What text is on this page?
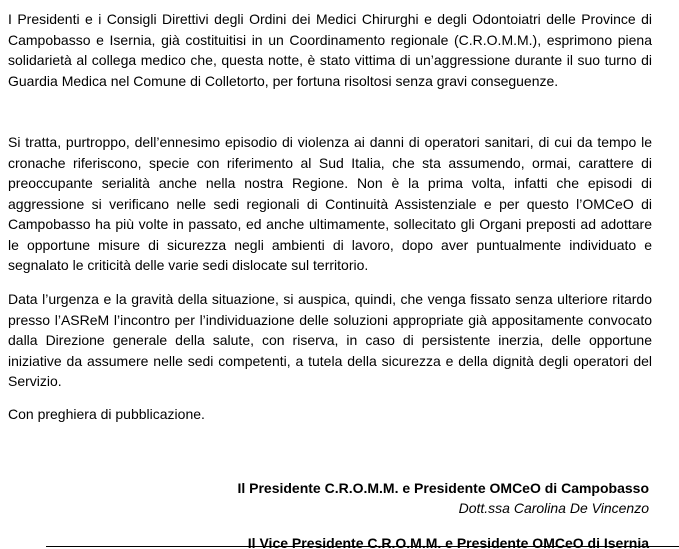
I Presidenti e i Consigli Direttivi degli Ordini dei Medici Chirurghi e degli Odontoiatri delle Province di Campobasso e Isernia, già costituitisi in un Coordinamento regionale (C.R.O.M.M.), esprimono piena solidarietà al collega medico che, questa notte, è stato vittima di un’aggressione durante il suo turno di Guardia Medica nel Comune di Colletorto, per fortuna risoltosi senza gravi conseguenze.

Si tratta, purtroppo, dell’ennesimo episodio di violenza ai danni di operatori sanitari, di cui da tempo le cronache riferiscono, specie con riferimento al Sud Italia, che sta assumendo, ormai, carattere di preoccupante serialità anche nella nostra Regione. Non è la prima volta, infatti che episodi di aggressione si verificano nelle sedi regionali di Continuità Assistenziale e per questo l’OMCeO di Campobasso ha più volte in passato, ed anche ultimamente, sollecitato gli Organi preposti ad adottare le opportune misure di sicurezza negli ambienti di lavoro, dopo aver puntualmente individuato e segnalato le criticità delle varie sedi dislocate sul territorio.

Data l’urgenza e la gravità della situazione, si auspica, quindi, che venga fissato senza ulteriore ritardo presso l’ASReM l’incontro per l’individuazione delle soluzioni appropriate già appositamente convocato dalla Direzione generale della salute, con riserva, in caso di persistente inerzia, delle opportune iniziative da assumere nelle sedi competenti, a tutela della sicurezza e della dignità degli operatori del Servizio.

Con preghiera di pubblicazione.

Il Presidente C.R.O.M.M. e Presidente OMCeO di Campobasso

Dott.ssa Carolina De Vincenzo

Il Vice Presidente C.R.O.M.M. e Presidente OMCeO di Isernia
